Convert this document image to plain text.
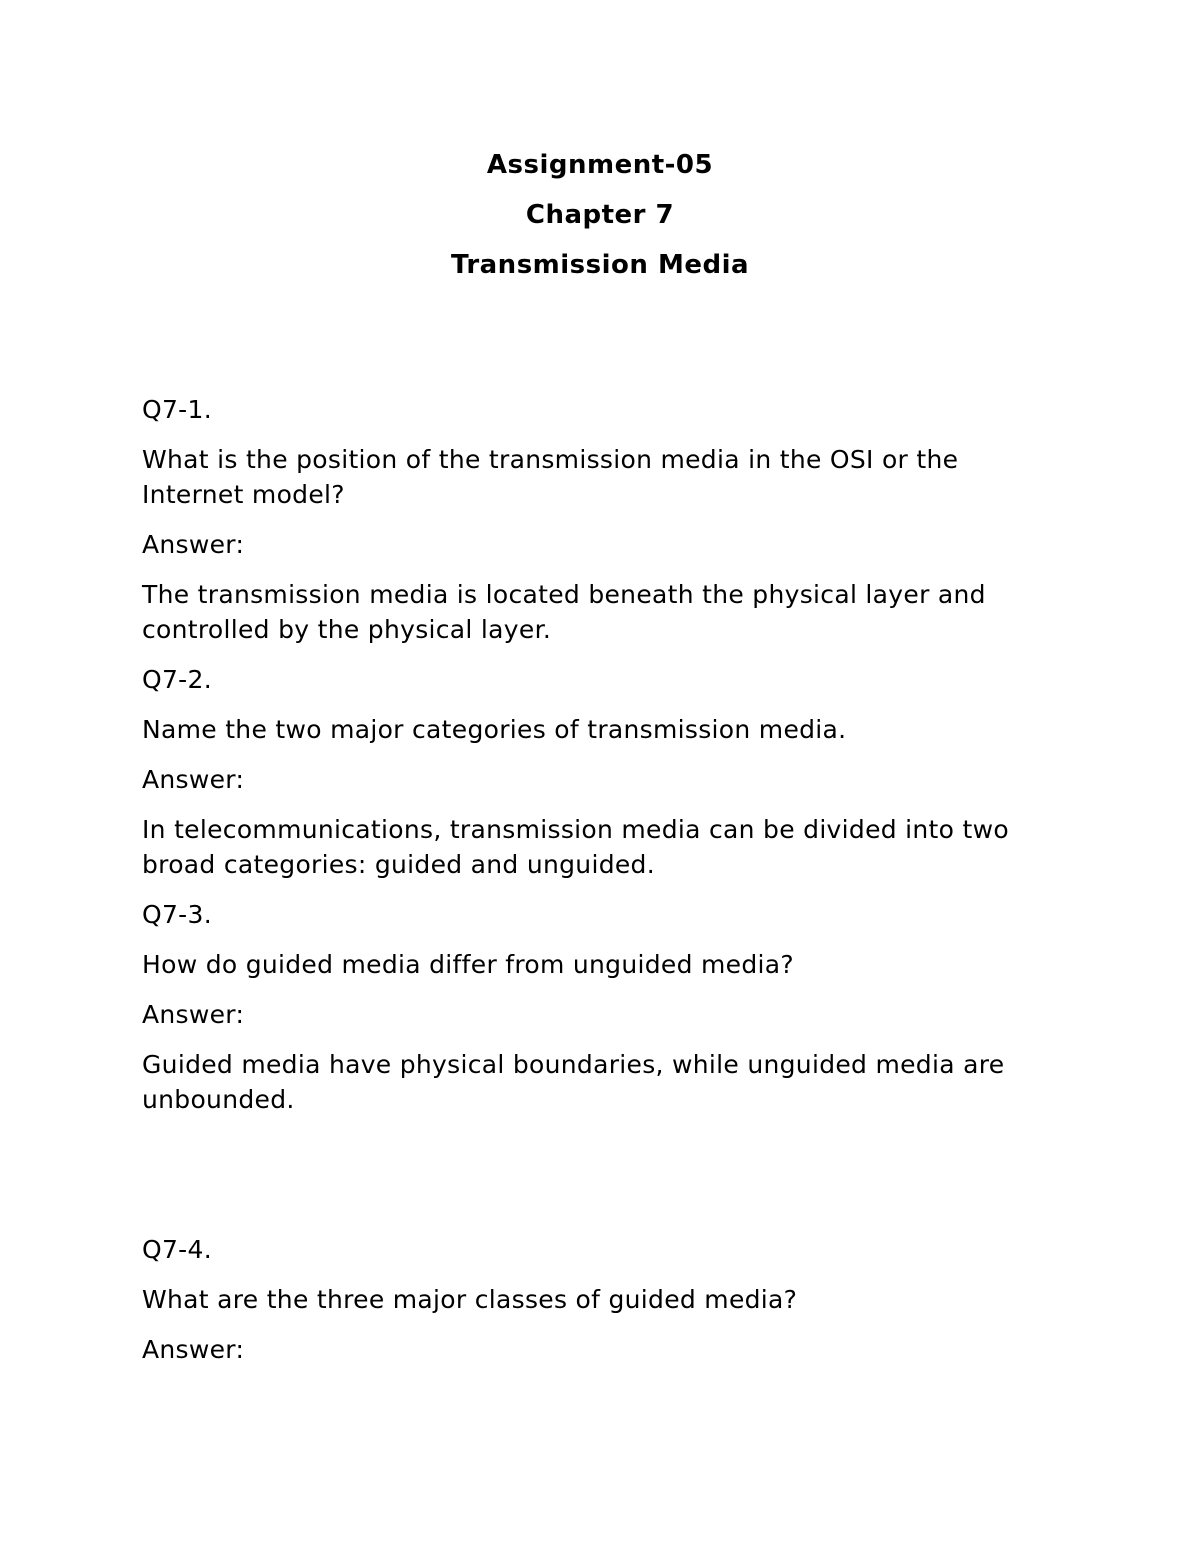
Assignment-05
Chapter 7
Transmission Media
Q7-1.
What is the position of the transmission media in the OSI or the Internet model?
Answer:
The transmission media is located beneath the physical layer and controlled by the physical layer.
Q7-2.
Name the two major categories of transmission media.
Answer:
In telecommunications, transmission media can be divided into two broad categories: guided and unguided.
Q7-3.
How do guided media differ from unguided media?
Answer:
Guided media have physical boundaries, while unguided media are unbounded.
Q7-4.
What are the three major classes of guided media?
Answer:
